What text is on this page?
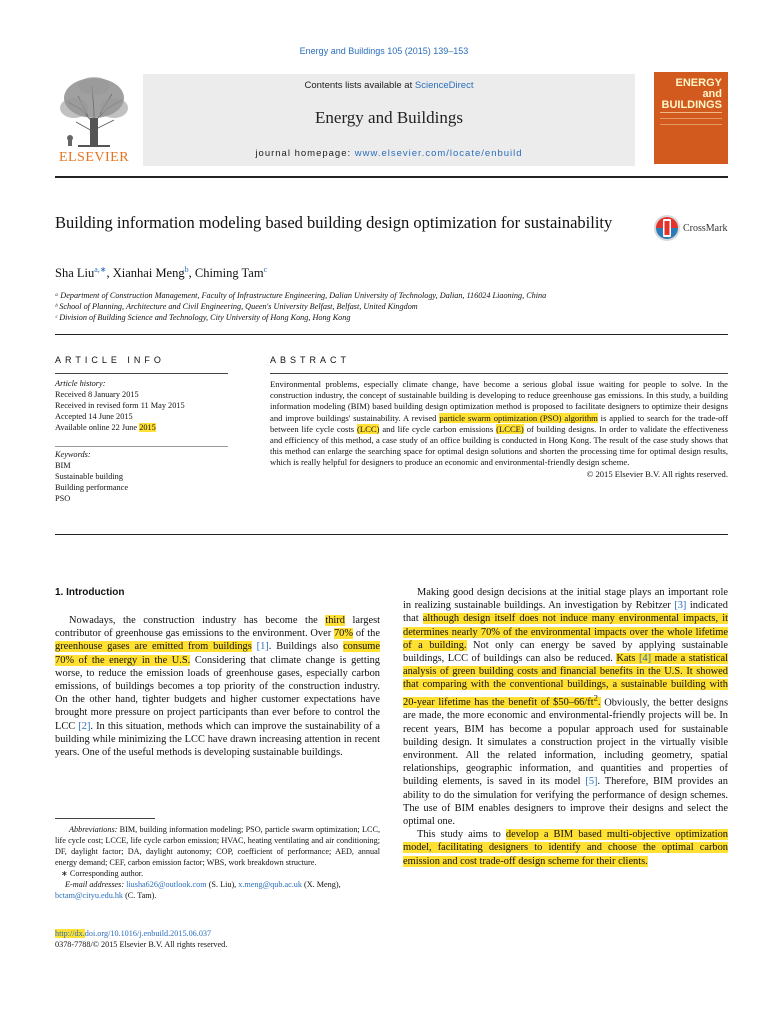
Energy and Buildings 105 (2015) 139–153
ELSEVIER
Contents lists available at ScienceDirect
Energy and Buildings
journal homepage: www.elsevier.com/locate/enbuild
ENERGY and BUILDINGS
Building information modeling based building design optimization for sustainability	CrossMark
Sha Liu$^{a,∗}$, Xianhai Meng$^b$, Chiming Tam$^c$
ᵃ Department of Construction Management, Faculty of Infrastructure Engineering, Dalian University of Technology, Dalian, 116024 Liaoning, China
ᵇ School of Planning, Architecture and Civil Engineering, Queen's University Belfast, Belfast, United Kingdom
ᶜ Division of Building Science and Technology, City University of Hong Kong, Hong Kong
ARTICLE INFO	ABSTRACT
Article history:
Received 8 January 2015
Received in revised form 11 May 2015
Accepted 14 June 2015
Available online 22 June 2015
Keywords:
BIM
Sustainable building
Building performance
PSO
Environmental problems, especially climate change, have become a serious global issue waiting for people to solve. In the construction industry, the concept of sustainable building is developing to reduce greenhouse gas emissions. In this study, a building information modeling (BIM) based building design optimization method is proposed to facilitate designers to optimize their designs and improve buildings' sustainability. A revised particle swarm optimization (PSO) algorithm is applied to search for the trade-off between life cycle costs (LCC) and life cycle carbon emissions (LCCE) of building designs. In order to validate the effectiveness and efficiency of this method, a case study of an office building is conducted in Hong Kong. The result of the case study shows that this method can enlarge the searching space for optimal design solutions and shorten the processing time for optimal design results, which is really helpful for designers to produce an economic and environmental-friendly design scheme.
© 2015 Elsevier B.V. All rights reserved.
1. Introduction

Nowadays, the construction industry has become the third largest contributor of greenhouse gas emissions to the environment. Over 70% of the greenhouse gases are emitted from buildings [1]. Buildings also consume 70% of the energy in the U.S. Considering that climate change is getting worse, to reduce the emission loads of greenhouse gases, especially carbon emissions, of buildings becomes a top priority of the construction industry. On the other hand, tighter budgets and higher customer expectations have brought more pressure on project participants than ever before to control the LCC [2]. In this situation, methods which can improve the sustainability of a building while minimizing the LCC have drawn increasing attention in recent years. One of the useful methods is developing sustainable buildings.

Abbreviations: BIM, building information modeling; PSO, particle swarm optimization; LCC, life cycle cost; LCCE, life cycle carbon emission; HVAC, heating ventilating and air conditioning; DF, daylight factor; DA, daylight autonomy; COP, coefficient of performance; AED, annual energy demand; CEF, carbon emission factor; WBS, work breakdown structure.

∗ Corresponding author.

E-mail addresses: liusha626@outlook.com (S. Liu), x.meng@qub.ac.uk (X. Meng),
bctam@cityu.edu.hk (C. Tam).

http://dx.doi.org/10.1016/j.enbuild.2015.06.037
0378-7788/© 2015 Elsevier B.V. All rights reserved.

Making good design decisions at the initial stage plays an important role in realizing sustainable buildings. An investigation by Rebitzer [3] indicated that although design itself does not induce many environmental impacts, it determines nearly 70% of the environmental impacts over the whole lifetime of a building. Not only can energy be saved by applying sustainable buildings, LCC of buildings can also be reduced. Kats [4] made a statistical analysis of green building costs and financial benefits in the U.S. It showed that comparing with the conventional buildings, a sustainable building with 20-year lifetime has the benefit of $\$50-66/ft^2$. Obviously, the better designs are made, the more economic and environmental-friendly projects will be. In recent years, BIM has become a popular approach used for sustainable building design. It simulates a construction project in the virtually visible environment. All the related information, including geometry, spatial relationships, geographic information, and quantities and properties of building elements, is saved in its model [5]. Therefore, BIM provides an ability to do the simulation for verifying the performance of design schemes. The use of BIM enables designers to improve their designs and select the optimal one.

This study aims to develop a BIM based multi-objective optimization model, facilitating designers to identify and choose the optimal carbon emission and cost trade-off design scheme for their clients.
